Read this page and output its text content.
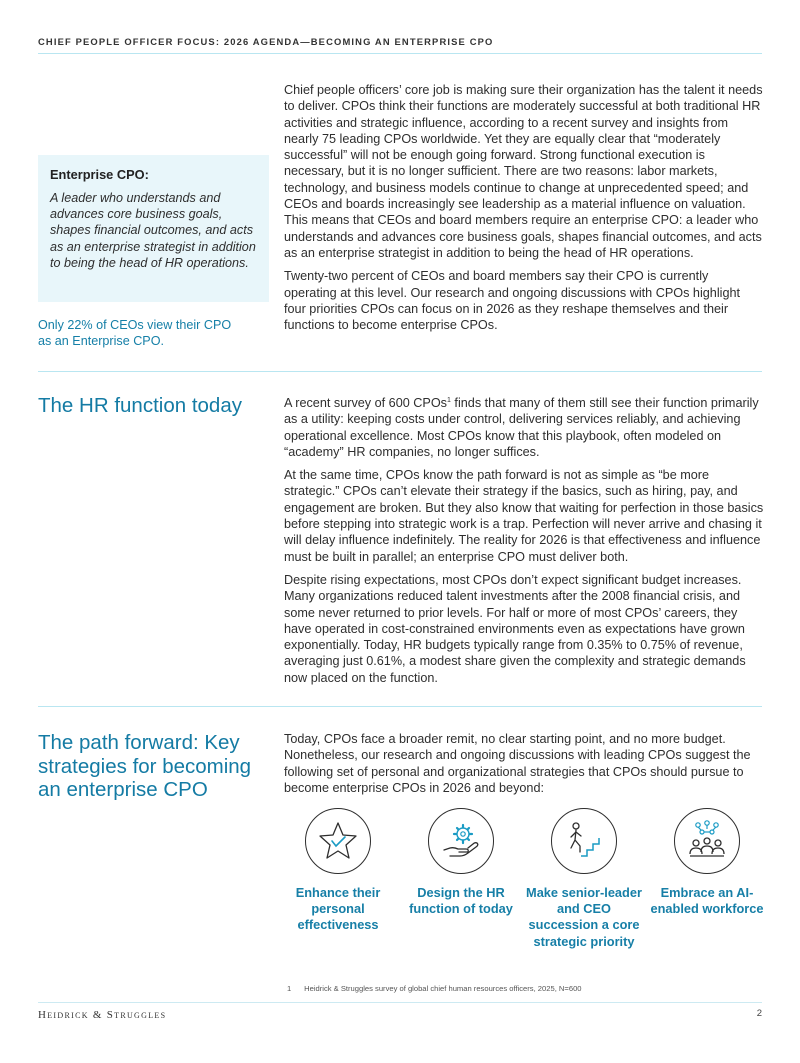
CHIEF PEOPLE OFFICER FOCUS: 2026 AGENDA—BECOMING AN ENTERPRISE CPO
Enterprise CPO:
A leader who understands and advances core business goals, shapes financial outcomes, and acts as an enterprise strategist in addition to being the head of HR operations.
Only 22% of CEOs view their CPO as an Enterprise CPO.

Chief people officers’ core job is making sure their organization has the talent it needs to deliver. CPOs think their functions are moderately successful at both traditional HR activities and strategic influence, according to a recent survey and insights from nearly 75 leading CPOs worldwide. Yet they are equally clear that “moderately successful” will not be enough going forward. Strong functional execution is necessary, but it is no longer sufficient. There are two reasons: labor markets, technology, and business models continue to change at unprecedented speed; and CEOs and boards increasingly see leadership as a material influence on valuation. This means that CEOs and board members require an enterprise CPO: a leader who understands and advances core business goals, shapes financial outcomes, and acts as an enterprise strategist in addition to being the head of HR operations.

Twenty-two percent of CEOs and board members say their CPO is currently operating at this level. Our research and ongoing discussions with CPOs highlight four priorities CPOs can focus on in 2026 as they reshape themselves and their functions to become enterprise CPOs.

The HR function today	A recent survey of 600 CPOs$^1$ finds that many of them still see their function primarily as a utility: keeping costs under control, delivering services reliably, and achieving operational excellence. Most CPOs know that this playbook, often modeled on “academy” HR companies, no longer suffices.

At the same time, CPOs know the path forward is not as simple as “be more strategic.” CPOs can’t elevate their strategy if the basics, such as hiring, pay, and engagement are broken. But they also know that waiting for perfection in those basics before stepping into strategic work is a trap. Perfection will never arrive and chasing it will delay influence indefinitely. The reality for 2026 is that effectiveness and influence must be built in parallel; an enterprise CPO must deliver both.

Despite rising expectations, most CPOs don’t expect significant budget increases. Many organizations reduced talent investments after the 2008 financial crisis, and some never returned to prior levels. For half or more of most CPOs’ careers, they have operated in cost-constrained environments even as expectations have grown exponentially. Today, HR budgets typically range from 0.35% to 0.75% of revenue, averaging just 0.61%, a modest share given the complexity and strategic demands now placed on the function.

The path forward: Key strategies for becoming an enterprise CPO

Today, CPOs face a broader remit, no clear starting point, and no more budget. Nonetheless, our research and ongoing discussions with leading CPOs suggest the following set of personal and organizational strategies that CPOs should pursue to become enterprise CPOs in 2026 and beyond:

Enhance their personal effectiveness
Design the HR function of today
Make senior-leader and CEO succession a core strategic priority
Embrace an AI-enabled workforce
1 Heidrick & Struggles survey of global chief human resources officers, 2025, N=600
Heidrick & Struggles	2
